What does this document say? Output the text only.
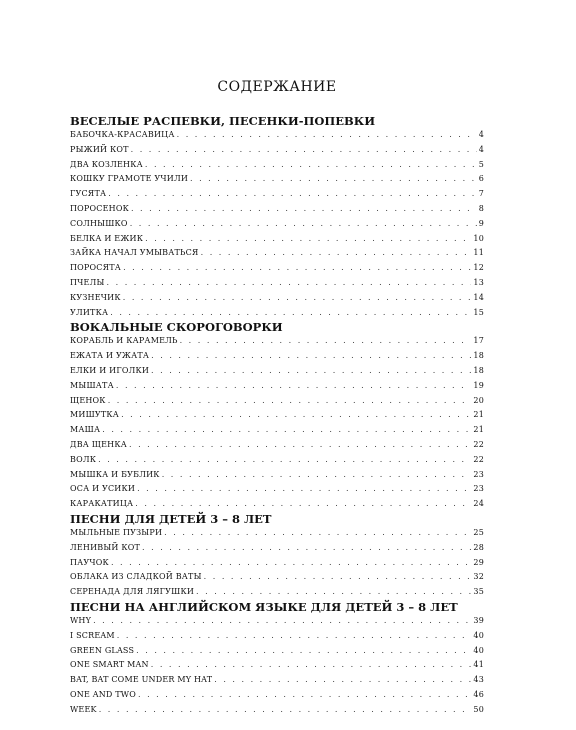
СОДЕРЖАНИЕ
ВЕСЕЛЫЕ РАСПЕВКИ, ПЕСЕНКИ-ПОПЕВКИ
БАБОЧКА-КРАСАВИЦА . . .	4
РЫЖИЙ КОТ . . .	4
ДВА КОЗЛЕНКА . . .	5
КОШКУ ГРАМОТЕ УЧИЛИ . . .	6
ГУСЯТА . . .	7
ПОРОСЕНОК . . .	8
СОЛНЫШКО . . .	9
БЕЛКА И ЕЖИК . . .	10
ЗАЙКА НАЧАЛ УМЫВАТЬСЯ . . .	11
ПОРОСЯТА . . .	12
ПЧЕЛЫ . . .	13
КУЗНЕЧИК . . .	14
УЛИТКА . . .	15
ВОКАЛЬНЫЕ СКОРОГОВОРКИ
КОРАБЛЬ И КАРАМЕЛЬ . . .	17
ЕЖАТА И УЖАТА . . .	18
ЕЛКИ И ИГОЛКИ . . .	18
МЫШАТА . . .	19
ЩЕНОК . . .	20
МИШУТКА . . .	21
МАША . . .	21
ДВА ЩЕНКА . . .	22
ВОЛК . . .	22
МЫШКА И БУБЛИК . . .	23
ОСА И УСИКИ . . .	23
КАРАКАТИЦА . . .	24
ПЕСНИ ДЛЯ ДЕТЕЙ 3 – 8 ЛЕТ
МЫЛЬНЫЕ ПУЗЫРИ . . .	25
ЛЕНИВЫЙ КОТ . . .	28
ПАУЧОК . . .	29
ОБЛАКА ИЗ СЛАДКОЙ ВАТЫ . . .	32
СЕРЕНАДА ДЛЯ ЛЯГУШКИ . . .	35
ПЕСНИ НА АНГЛИЙСКОМ ЯЗЫКЕ ДЛЯ ДЕТЕЙ 3 – 8 ЛЕТ
WHY . . .	39
I SCREAM . . .	40
GREEN GLASS . . .	40
ONE SMART MAN . . .	41
BAT, BAT COME UNDER MY HAT . . .	43
ONE AND TWO . . .	46
WEEK . . .	50
